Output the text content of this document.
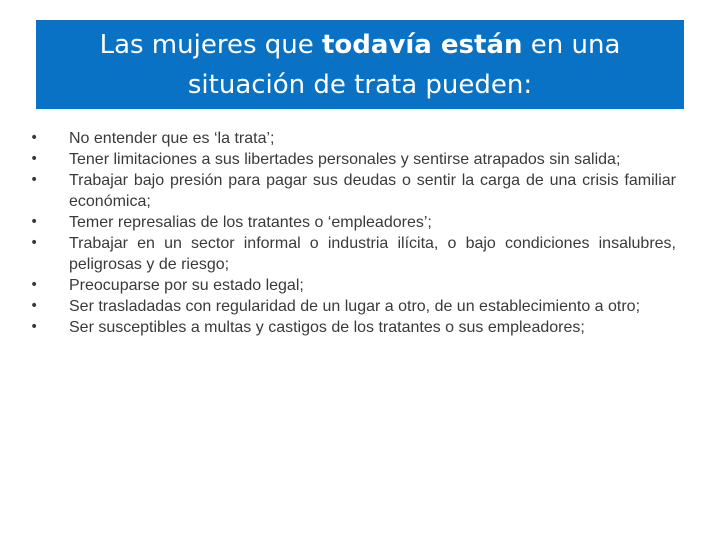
Las mujeres que todavía están en una situación de trata pueden:
•	No entender que es ‘la trata’;
•	Tener limitaciones a sus libertades personales y sentirse atrapados sin salida;
•	Trabajar bajo presión para pagar sus deudas o sentir la carga de una crisis familiar económica;
•	Temer represalias de los tratantes o ‘empleadores’;
•	Trabajar en un sector informal o industria ilícita, o bajo condiciones insalubres, peligrosas y de riesgo;
•	Preocuparse por su estado legal;
•	Ser trasladadas con regularidad de un lugar a otro, de un establecimiento a otro;
•	Ser susceptibles a multas y castigos de los tratantes o sus empleadores;
